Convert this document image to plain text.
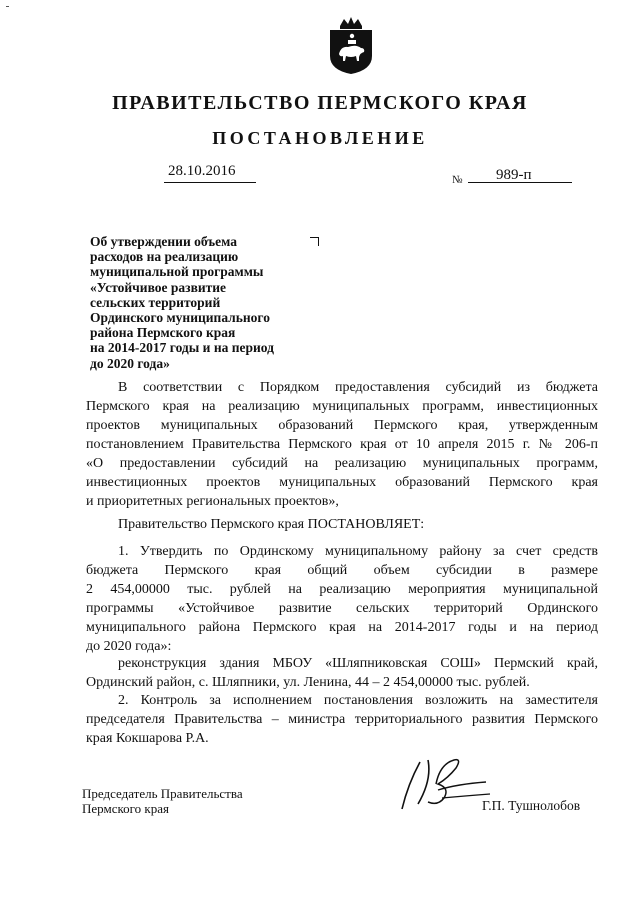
ПРАВИТЕЛЬСТВО ПЕРМСКОГО КРАЯ
ПОСТАНОВЛЕНИЕ
28.10.2016
№ 989-п
Об утверждении объема
расходов на реализацию
муниципальной программы
«Устойчивое развитие
сельских территорий
Ординского муниципального
района Пермского края
на 2014-2017 годы и на период
до 2020 года»
В соответствии с Порядком предоставления субсидий из бюджета
Пермского края на реализацию муниципальных программ, инвестиционных
проектов муниципальных образований Пермского края, утвержденным
постановлением Правительства Пермского края от 10 апреля 2015 г. № 206-п
«О предоставлении субсидий на реализацию муниципальных программ,
инвестиционных проектов муниципальных образований Пермского края
и приоритетных региональных проектов»,
Правительство Пермского края ПОСТАНОВЛЯЕТ:
1. Утвердить по Ординскому муниципальному району за счет средств
бюджета Пермского края общий объем субсидии в размере
2 454,00000 тыс. рублей на реализацию мероприятия муниципальной
программы «Устойчивое развитие сельских территорий Ординского
муниципального района Пермского края на 2014-2017 годы и на период
до 2020 года»:
реконструкция здания МБОУ «Шляпниковская СОШ» Пермский край,
Ординский район, с. Шляпники, ул. Ленина, 44 – 2 454,00000 тыс. рублей.
2. Контроль за исполнением постановления возложить на заместителя
председателя Правительства – министра территориального развития Пермского
края Кокшарова Р.А.
Председатель Правительства
Пермского края	Г.П. Тушнолобов
